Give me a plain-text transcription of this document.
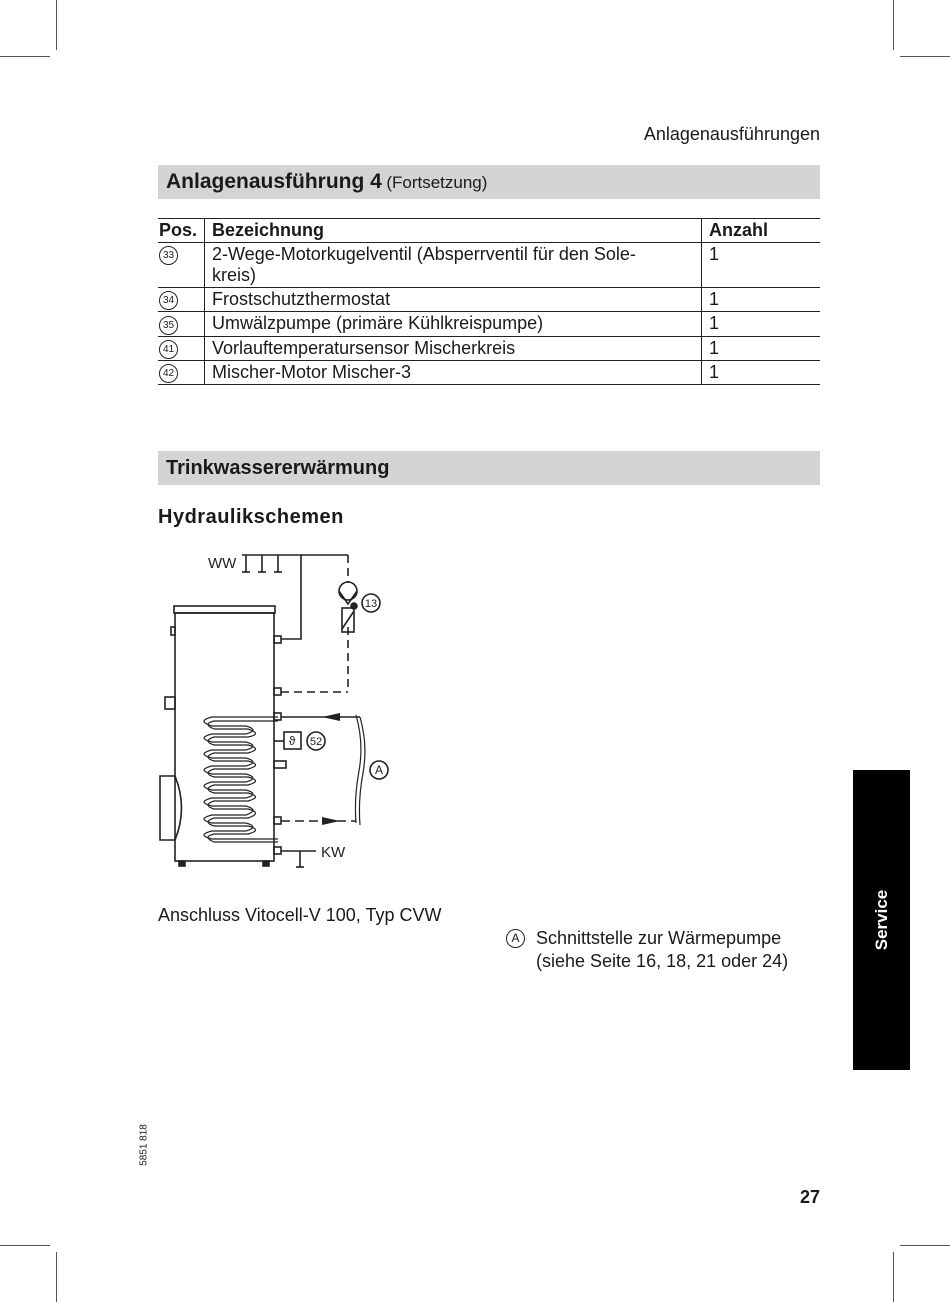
Anlagenausführungen
Anlagenausführung 4 (Fortsetzung)
Pos.	Bezeichnung	Anzahl
33	2-Wege-Motorkugelventil (Absperrventil für den Sole-
kreis)	1
34	Frostschutzthermostat	1
35	Umwälzpumpe (primäre Kühlkreispumpe)	1
41	Vorlauftemperatursensor Mischerkreis	1
42	Mischer-Motor Mischer-3	1
Trinkwassererwärmung
Hydraulikschemen
13
A
ϑ 52
WW
KW
Anschluss Vitocell-V 100, Typ CVW
A Schnittstelle zur Wärmepumpe
(siehe Seite 16, 18, 21 oder 24)
Service
5851 818
27
